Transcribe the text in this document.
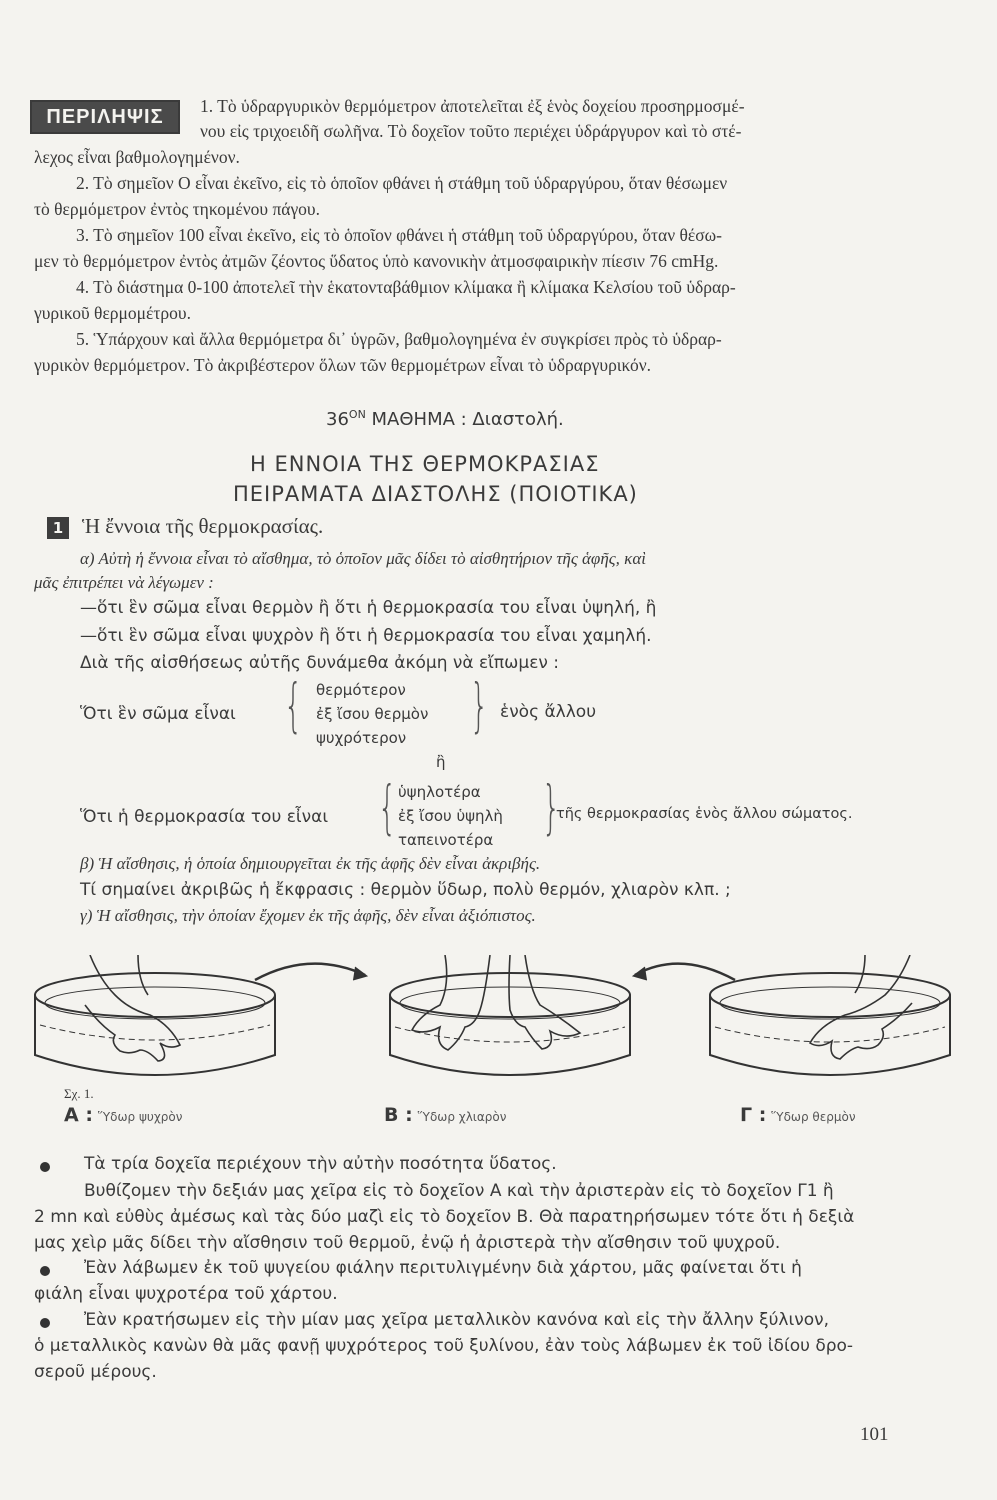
ΠΕΡΙΛΗΨΙΣ	1. Τὸ ὑδραργυρικὸν θερμόμετρον ἀποτελεῖται ἐξ ἑνὸς δοχείου προσηρμοσμέ-
νου εἰς τριχοειδῆ σωλῆνα. Τὸ δοχεῖον τοῦτο περιέχει ὑδράργυρον καὶ τὸ στέ-
λεχος εἶναι βαθμολογημένον.
2. Τὸ σημεῖον Ο εἶναι ἐκεῖνο, εἰς τὸ ὁποῖον φθάνει ἡ στάθμη τοῦ ὑδραργύρου, ὅταν θέσωμεν
τὸ θερμόμετρον ἐντὸς τηκομένου πάγου.
3. Τὸ σημεῖον 100 εἶναι ἐκεῖνο, εἰς τὸ ὁποῖον φθάνει ἡ στάθμη τοῦ ὑδραργύρου, ὅταν θέσω-
μεν τὸ θερμόμετρον ἐντὸς ἀτμῶν ζέοντος ὕδατος ὑπὸ κανονικὴν ἀτμοσφαιρικὴν πίεσιν 76 cmHg.
4. Τὸ διάστημα 0-100 ἀποτελεῖ τὴν ἑκατονταβάθμιον κλίμακα ἢ κλίμακα Κελσίου τοῦ ὑδραρ-
γυρικοῦ θερμομέτρου.
5. Ὑπάρχουν καὶ ἄλλα θερμόμετρα δι᾿ ὑγρῶν, βαθμολογημένα ἐν συγκρίσει πρὸς τὸ ὑδραρ-
γυρικὸν θερμόμετρον. Τὸ ἀκριβέστερον ὅλων τῶν θερμομέτρων εἶναι τὸ ὑδραργυρικόν.
$36^{ON}$ ΜΑΘΗΜΑ : Διαστολή.
Η ΕΝΝΟΙΑ ΤΗΣ ΘΕΡΜΟΚΡΑΣΙΑΣ
ΠΕΙΡΑΜΑΤΑ ΔΙΑΣΤΟΛΗΣ (ΠΟΙΟΤΙΚΑ)
1 Ἡ ἔννοια τῆς θερμοκρασίας.
α) Αὐτὴ ἡ ἔννοια εἶναι τὸ αἴσθημα, τὸ ὁποῖον μᾶς δίδει τὸ αἰσθητήριον τῆς ἁφῆς, καὶ
μᾶς ἐπιτρέπει νὰ λέγωμεν :
—ὅτι ἓν σῶμα εἶναι θερμὸν ἢ ὅτι ἡ θερμοκρασία του εἶναι ὑψηλή, ἢ
—ὅτι ἓν σῶμα εἶναι ψυχρὸν ἢ ὅτι ἡ θερμοκρασία του εἶναι χαμηλή.
Διὰ τῆς αἰσθήσεως αὐτῆς δυνάμεθα ἀκόμη νὰ εἴπωμεν :
Ὅτι ἓν σῶμα εἶναι { θερμότερον
ἐξ ἴσου θερμὸν
ψυχρότερον	} ἑνὸς ἄλλου
ἢ
Ὅτι ἡ θερμοκρασία του εἶναι { ὑψηλοτέρα
ἐξ ἴσου ὑψηλὴ
ταπεινοτέρα }
τῆς θερμοκρασίας ἑνὸς ἄλλου σώματος.
β) Ἡ αἴσθησις, ἡ ὁποία δημιουργεῖται ἐκ τῆς ἁφῆς δὲν εἶναι ἀκριβής.
Τί σημαίνει ἀκριβῶς ἡ ἔκφρασις : θερμὸν ὕδωρ, πολὺ θερμόν, χλιαρὸν κλπ. ;
γ) Ἡ αἴσθησις, τὴν ὁποίαν ἔχομεν ἐκ τῆς ἁφῆς, δὲν εἶναι ἀξιόπιστος.
Σχ. 1.
Α : Ὕδωρ ψυχρὸν	Β : Ὕδωρ χλιαρὸν	Γ : Ὕδωρ θερμὸν
Τὰ τρία δοχεῖα περιέχουν τὴν αὐτὴν ποσότητα ὕδατος.
Βυθίζομεν τὴν δεξιάν μας χεῖρα εἰς τὸ δοχεῖον Α καὶ τὴν ἀριστερὰν εἰς τὸ δοχεῖον Γ1 ἢ
2 mn καὶ εὐθὺς ἀμέσως καὶ τὰς δύο μαζὶ εἰς τὸ δοχεῖον Β. Θὰ παρατηρήσωμεν τότε ὅτι ἡ δεξιὰ
μας χεὶρ μᾶς δίδει τὴν αἴσθησιν τοῦ θερμοῦ, ἐνῷ ἡ ἀριστερὰ τὴν αἴσθησιν τοῦ ψυχροῦ.
Ἐὰν λάβωμεν ἐκ τοῦ ψυγείου φιάλην περιτυλιγμένην διὰ χάρτου, μᾶς φαίνεται ὅτι ἡ
φιάλη εἶναι ψυχροτέρα τοῦ χάρτου.
Ἐὰν κρατήσωμεν εἰς τὴν μίαν μας χεῖρα μεταλλικὸν κανόνα καὶ εἰς τὴν ἄλλην ξύλινον,
ὁ μεταλλικὸς κανὼν θὰ μᾶς φανῇ ψυχρότερος τοῦ ξυλίνου, ἐὰν τοὺς λάβωμεν ἐκ τοῦ ἰδίου δρο-
σεροῦ μέρους.
101
